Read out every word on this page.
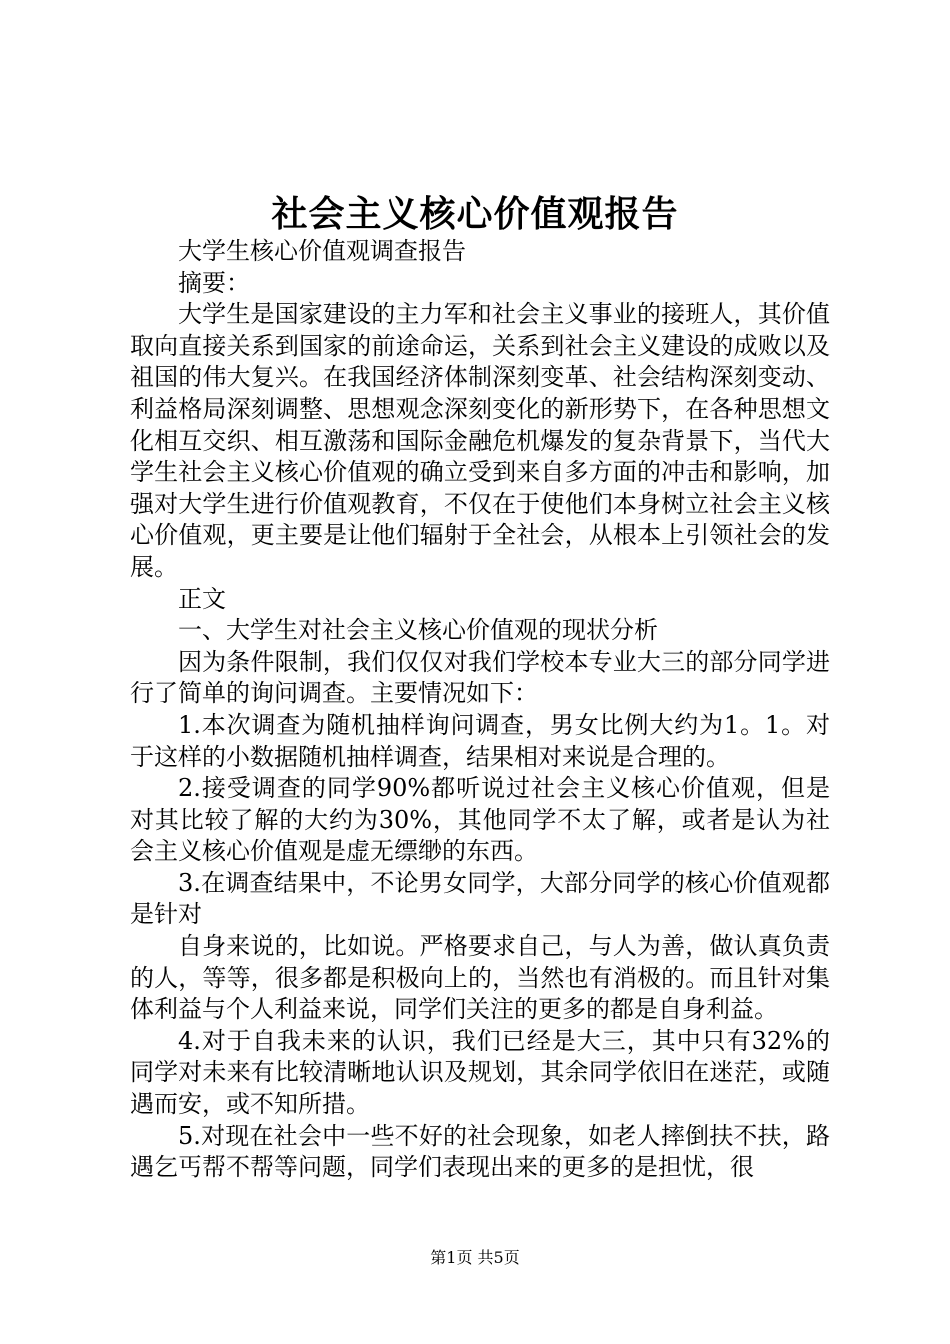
社会主义核心价值观报告

大学生核心价值观调查报告

摘要：

大学生是国家建设的主力军和社会主义事业的接班人，其价值取向直接关系到国家的前途命运，关系到社会主义建设的成败以及祖国的伟大复兴。在我国经济体制深刻变革、社会结构深刻变动、利益格局深刻调整、思想观念深刻变化的新形势下，在各种思想文化相互交织、相互激荡和国际金融危机爆发的复杂背景下，当代大学生社会主义核心价值观的确立受到来自多方面的冲击和影响，加强对大学生进行价值观教育，不仅在于使他们本身树立社会主义核心价值观，更主要是让他们辐射于全社会，从根本上引领社会的发展。

正文

一、大学生对社会主义核心价值观的现状分析

因为条件限制，我们仅仅对我们学校本专业大三的部分同学进行了简单的询问调查。主要情况如下：

1.本次调查为随机抽样询问调查，男女比例大约为1。1。对于这样的小数据随机抽样调查，结果相对来说是合理的。

2.接受调查的同学90%都听说过社会主义核心价值观，但是对其比较了解的大约为30%，其他同学不太了解，或者是认为社会主义核心价值观是虚无缥缈的东西。

3.在调查结果中，不论男女同学，大部分同学的核心价值观都是针对

自身来说的，比如说。严格要求自己，与人为善，做认真负责的人，等等，很多都是积极向上的，当然也有消极的。而且针对集体利益与个人利益来说，同学们关注的更多的都是自身利益。

4.对于自我未来的认识，我们已经是大三，其中只有32%的同学对未来有比较清晰地认识及规划，其余同学依旧在迷茫，或随遇而安，或不知所措。

5.对现在社会中一些不好的社会现象，如老人摔倒扶不扶，路遇乞丐帮不帮等问题，同学们表现出来的更多的是担忧，很

第1页 共5页
